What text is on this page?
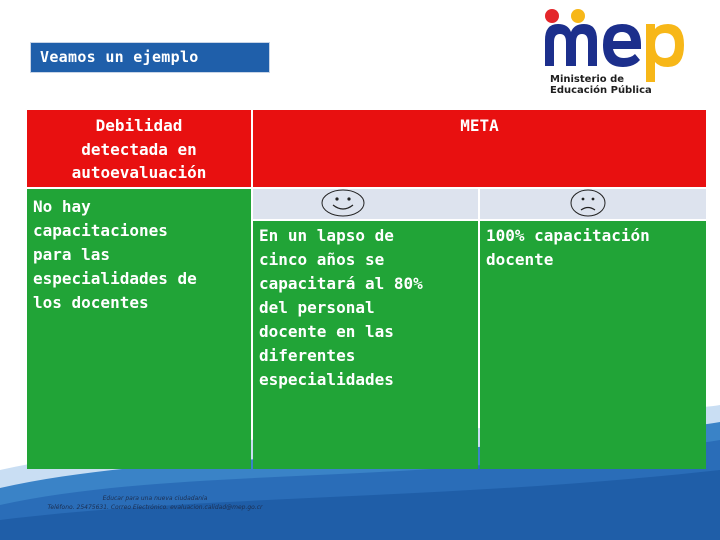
Ministerio de
Educación Pública
Veamos un ejemplo
Debilidad
detectada en
autoevaluación
META
No hay
capacitaciones
para las
especialidades de
los docentes
En un lapso de
cinco años se
capacitará al 80%
del personal
docente en las
diferentes
especialidades
100% capacitación
docente
Educar para una nueva ciudadanía
Teléfono. 25475631. Correo Electrónico. evaluacion.calidad@mep.go.cr
